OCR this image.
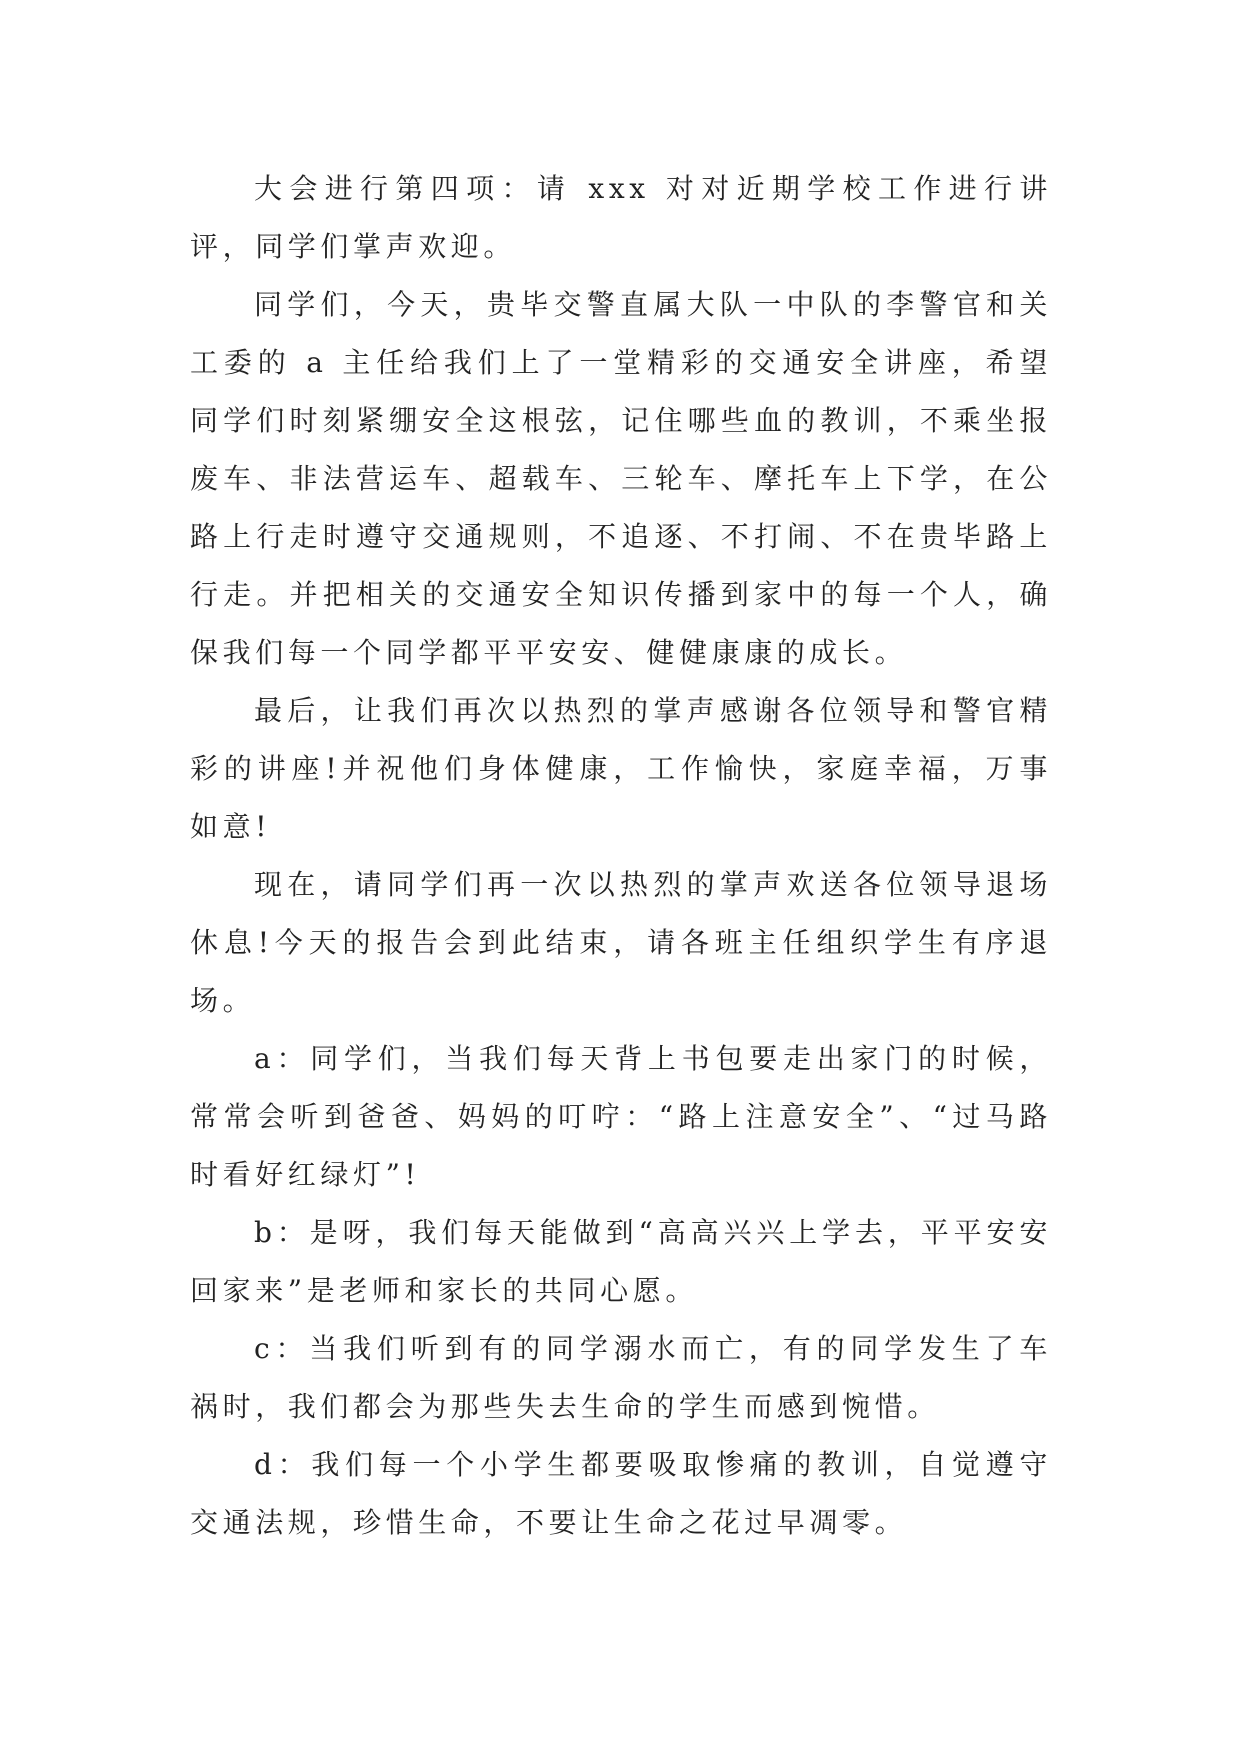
大会进行第四项：请 xxx 对对近期学校工作进行讲评，同学们掌声欢迎。

同学们，今天，贵毕交警直属大队一中队的李警官和关工委的 a 主任给我们上了一堂精彩的交通安全讲座，希望同学们时刻紧绷安全这根弦，记住哪些血的教训，不乘坐报废车、非法营运车、超载车、三轮车、摩托车上下学，在公路上行走时遵守交通规则，不追逐、不打闹、不在贵毕路上行走。并把相关的交通安全知识传播到家中的每一个人，确保我们每一个同学都平平安安、健健康康的成长。

最后，让我们再次以热烈的掌声感谢各位领导和警官精彩的讲座!并祝他们身体健康，工作愉快，家庭幸福，万事如意!

现在，请同学们再一次以热烈的掌声欢送各位领导退场休息!今天的报告会到此结束，请各班主任组织学生有序退场。

a：同学们，当我们每天背上书包要走出家门的时候，常常会听到爸爸、妈妈的叮咛：“路上注意安全”、“过马路时看好红绿灯”!

b：是呀，我们每天能做到“高高兴兴上学去，平平安安回家来”是老师和家长的共同心愿。

c：当我们听到有的同学溺水而亡，有的同学发生了车祸时，我们都会为那些失去生命的学生而感到惋惜。

d：我们每一个小学生都要吸取惨痛的教训，自觉遵守交通法规，珍惜生命，不要让生命之花过早凋零。
